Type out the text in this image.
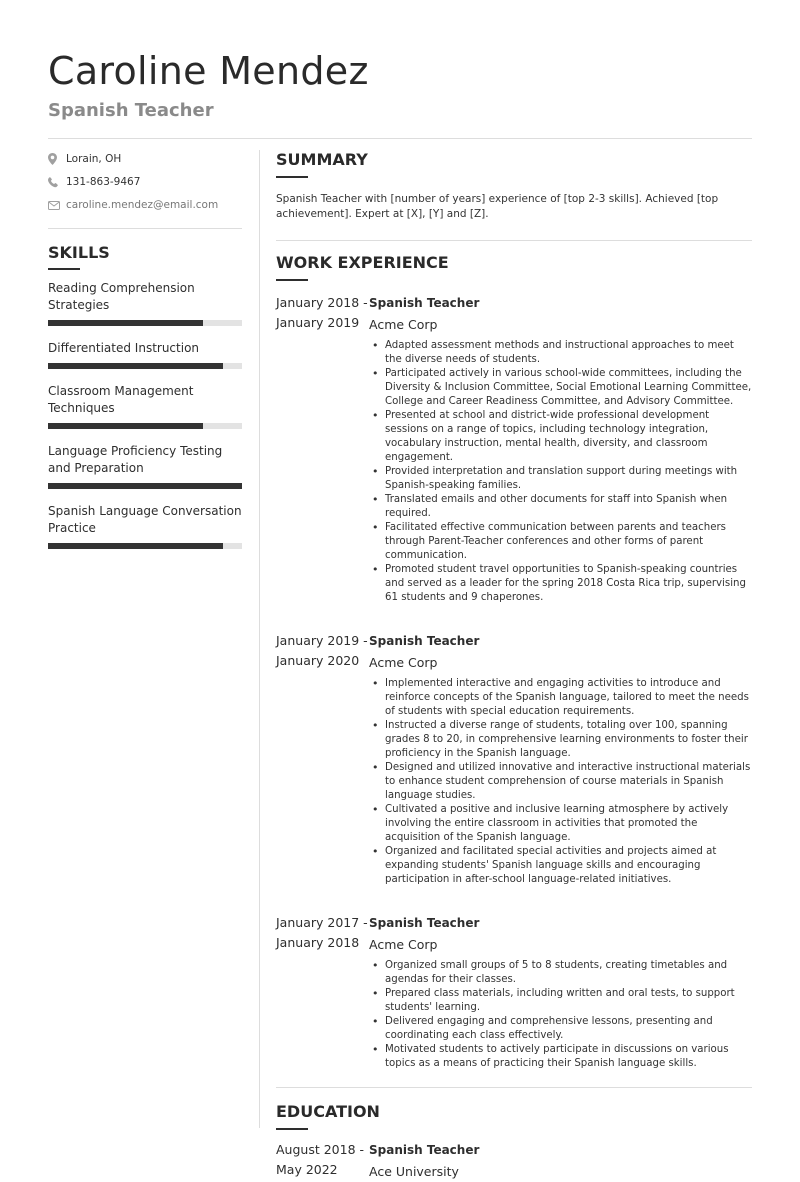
Caroline Mendez
Spanish Teacher
Lorain, OH
131-863-9467
caroline.mendez@email.com
SKILLS
Reading Comprehension Strategies
Differentiated Instruction
Classroom Management Techniques
Language Proficiency Testing and Preparation
Spanish Language Conversation Practice
SUMMARY
Spanish Teacher with [number of years] experience of [top 2-3 skills]. Achieved [top achievement]. Expert at [X], [Y] and [Z].
WORK EXPERIENCE
January 2018 -
January 2019
Spanish Teacher
Acme Corp
• Adapted assessment methods and instructional approaches to meet the diverse needs of students.
• Participated actively in various school-wide committees, including the Diversity & Inclusion Committee, Social Emotional Learning Committee, College and Career Readiness Committee, and Advisory Committee.
• Presented at school and district-wide professional development sessions on a range of topics, including technology integration, vocabulary instruction, mental health, diversity, and classroom engagement.
• Provided interpretation and translation support during meetings with Spanish-speaking families.
• Translated emails and other documents for staff into Spanish when required.
• Facilitated effective communication between parents and teachers through Parent-Teacher conferences and other forms of parent communication.
• Promoted student travel opportunities to Spanish-speaking countries and served as a leader for the spring 2018 Costa Rica trip, supervising 61 students and 9 chaperones.
January 2019 -
January 2020
Spanish Teacher
Acme Corp
• Implemented interactive and engaging activities to introduce and reinforce concepts of the Spanish language, tailored to meet the needs of students with special education requirements.
• Instructed a diverse range of students, totaling over 100, spanning grades 8 to 20, in comprehensive learning environments to foster their proficiency in the Spanish language.
• Designed and utilized innovative and interactive instructional materials to enhance student comprehension of course materials in Spanish language studies.
• Cultivated a positive and inclusive learning atmosphere by actively involving the entire classroom in activities that promoted the acquisition of the Spanish language.
• Organized and facilitated special activities and projects aimed at expanding students' Spanish language skills and encouraging participation in after-school language-related initiatives.
January 2017 -
January 2018
Spanish Teacher
Acme Corp
• Organized small groups of 5 to 8 students, creating timetables and agendas for their classes.
• Prepared class materials, including written and oral tests, to support students' learning.
• Delivered engaging and comprehensive lessons, presenting and coordinating each class effectively.
• Motivated students to actively participate in discussions on various topics as a means of practicing their Spanish language skills.
EDUCATION
August 2018 -
May 2022
Spanish Teacher
Ace University
